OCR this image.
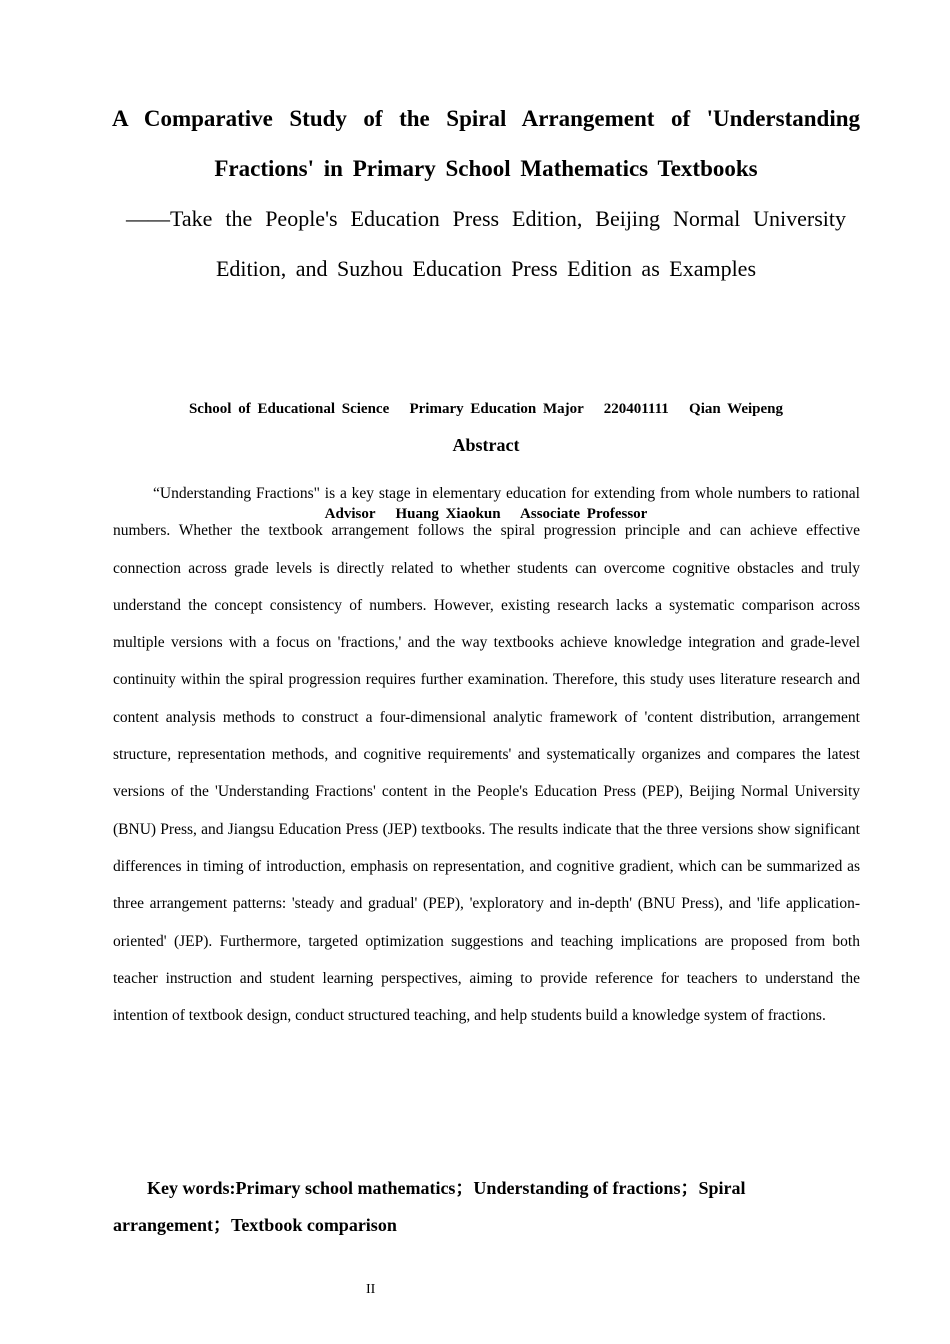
A Comparative Study of the Spiral Arrangement of 'Understanding
Fractions' in Primary School Mathematics Textbooks
——Take the People's Education Press Edition, Beijing Normal University
Edition, and Suzhou Education Press Edition as Examples

School of Educational Science   Primary Education Major   220401111   Qian Weipeng

Advisor   Huang Xiaokun   Associate Professor

Abstract
“Understanding Fractions" is a key stage in elementary education for extending from whole numbers to rational numbers. Whether the textbook arrangement follows the spiral progression principle and can achieve effective connection across grade levels is directly related to whether students can overcome cognitive obstacles and truly understand the concept consistency of numbers. However, existing research lacks a systematic comparison across multiple versions with a focus on 'fractions,' and the way textbooks achieve knowledge integration and grade-level continuity within the spiral progression requires further examination. Therefore, this study uses literature research and content analysis methods to construct a four-dimensional analytic framework of 'content distribution, arrangement structure, representation methods, and cognitive requirements' and systematically organizes and compares the latest versions of the 'Understanding Fractions' content in the People's Education Press (PEP), Beijing Normal University (BNU) Press, and Jiangsu Education Press (JEP) textbooks. The results indicate that the three versions show significant differences in timing of introduction, emphasis on representation, and cognitive gradient, which can be summarized as three arrangement patterns: 'steady and gradual' (PEP), 'exploratory and in-depth' (BNU Press), and 'life application-oriented' (JEP). Furthermore, targeted optimization suggestions and teaching implications are proposed from both teacher instruction and student learning perspectives, aiming to provide reference for teachers to understand the intention of textbook design, conduct structured teaching, and help students build a knowledge system of fractions.
Key words:Primary school mathematics；Understanding of fractions；Spiral arrangement；Textbook comparison
II
